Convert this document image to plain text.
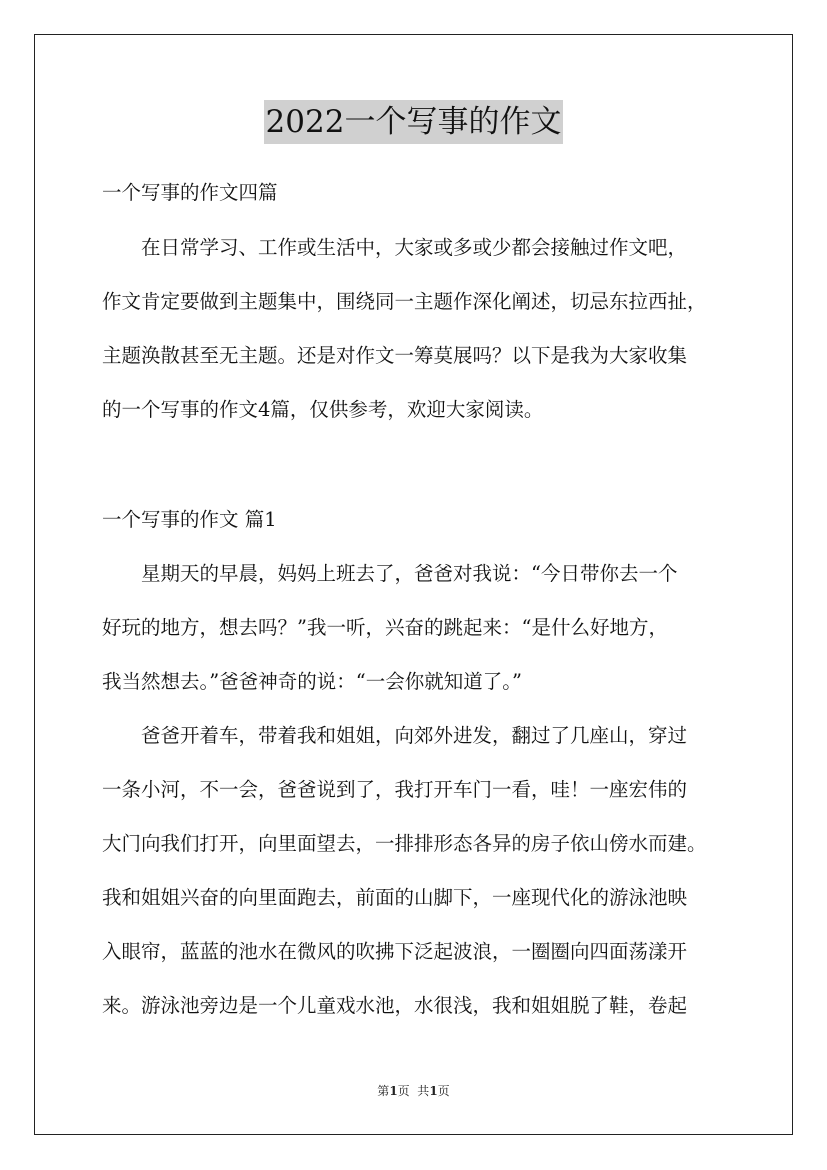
2022一个写事的作文
一个写事的作文四篇
在日常学习、工作或生活中，大家或多或少都会接触过作文吧，
作文肯定要做到主题集中，围绕同一主题作深化阐述，切忌东拉西扯，
主题涣散甚至无主题。还是对作文一筹莫展吗？以下是我为大家收集
的一个写事的作文4篇，仅供参考，欢迎大家阅读。
一个写事的作文 篇1
星期天的早晨，妈妈上班去了，爸爸对我说：“今日带你去一个
好玩的地方，想去吗？”我一听，兴奋的跳起来：“是什么好地方，
我当然想去。”爸爸神奇的说：“一会你就知道了。”
爸爸开着车，带着我和姐姐，向郊外进发，翻过了几座山，穿过
一条小河，不一会，爸爸说到了，我打开车门一看，哇！一座宏伟的
大门向我们打开，向里面望去，一排排形态各异的房子依山傍水而建。
我和姐姐兴奋的向里面跑去，前面的山脚下，一座现代化的游泳池映
入眼帘，蓝蓝的池水在微风的吹拂下泛起波浪，一圈圈向四面荡漾开
来。游泳池旁边是一个儿童戏水池，水很浅，我和姐姐脱了鞋，卷起
第1页  共1页
